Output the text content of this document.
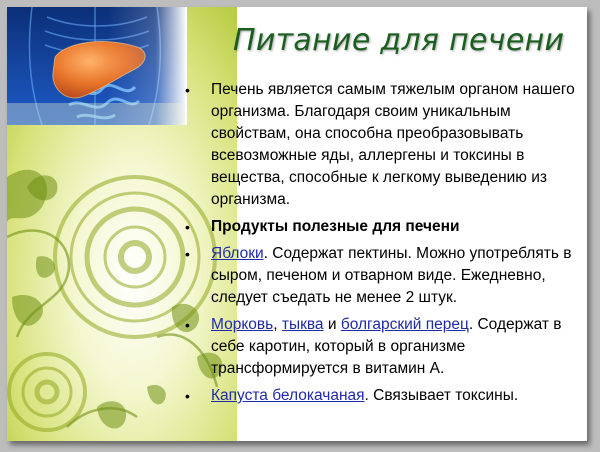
Питание для печени
• Печень является самым тяжелым органом нашего организма. Благодаря своим уникальным свойствам, она способна преобразовывать всевозможные яды, аллергены и токсины в вещества, способные к легкому выведению из организма.
• Продукты полезные для печени
• Яблоки. Содержат пектины. Можно употреблять в сыром, печеном и отварном виде. Ежедневно, следует съедать не менее 2 штук.
• Морковь, тыква и болгарский перец. Содержат в себе каротин, который в организме трансформируется в витамин А.
• Капуста белокачаная. Связывает токсины.
